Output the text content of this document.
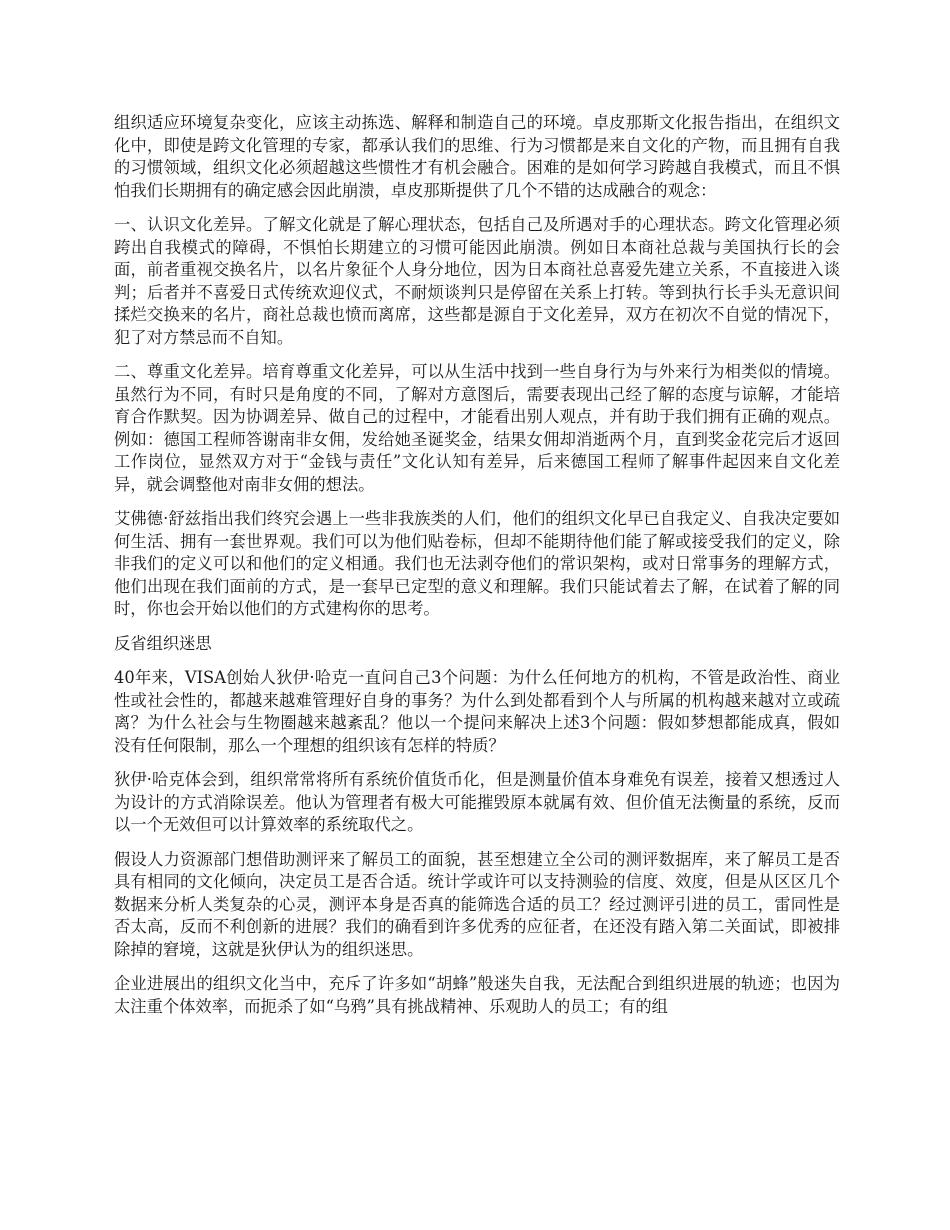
组织适应环境复杂变化，应该主动拣选、解释和制造自己的环境。卓皮那斯文化报告指出，在组织文化中，即使是跨文化管理的专家，都承认我们的思维、行为习惯都是来自文化的产物，而且拥有自我的习惯领域，组织文化必须超越这些惯性才有机会融合。困难的是如何学习跨越自我模式，而且不惧怕我们长期拥有的确定感会因此崩溃，卓皮那斯提供了几个不错的达成融合的观念：

一、认识文化差异。了解文化就是了解心理状态，包括自己及所遇对手的心理状态。跨文化管理必须跨出自我模式的障碍，不惧怕长期建立的习惯可能因此崩溃。例如日本商社总裁与美国执行长的会面，前者重视交换名片，以名片象征个人身分地位，因为日本商社总喜爱先建立关系，不直接进入谈判；后者并不喜爱日式传统欢迎仪式，不耐烦谈判只是停留在关系上打转。等到执行长手头无意识间揉烂交换来的名片，商社总裁也愤而离席，这些都是源自于文化差异，双方在初次不自觉的情况下，犯了对方禁忌而不自知。

二、尊重文化差异。培育尊重文化差异，可以从生活中找到一些自身行为与外来行为相类似的情境。虽然行为不同，有时只是角度的不同，了解对方意图后，需要表现出己经了解的态度与谅解，才能培育合作默契。因为协调差异、做自己的过程中，才能看出别人观点，并有助于我们拥有正确的观点。例如：德国工程师答谢南非女佣，发给她圣诞奖金，结果女佣却消逝两个月，直到奖金花完后才返回工作岗位，显然双方对于“金钱与责任”文化认知有差异，后来德国工程师了解事件起因来自文化差异，就会调整他对南非女佣的想法。

艾佛德·舒兹指出我们终究会遇上一些非我族类的人们，他们的组织文化早已自我定义、自我决定要如何生活、拥有一套世界观。我们可以为他们贴卷标，但却不能期待他们能了解或接受我们的定义，除非我们的定义可以和他们的定义相通。我们也无法剥夺他们的常识架构，或对日常事务的理解方式，他们出现在我们面前的方式，是一套早已定型的意义和理解。我们只能试着去了解，在试着了解的同时，你也会开始以他们的方式建构你的思考。

反省组织迷思

40年来，VISA创始人狄伊·哈克一直问自己3个问题：为什么任何地方的机构，不管是政治性、商业性或社会性的，都越来越难管理好自身的事务？为什么到处都看到个人与所属的机构越来越对立或疏离？为什么社会与生物圈越来越紊乱？他以一个提问来解决上述3个问题：假如梦想都能成真，假如没有任何限制，那么一个理想的组织该有怎样的特质？

狄伊·哈克体会到，组织常常将所有系统价值货币化，但是测量价值本身难免有误差，接着又想透过人为设计的方式消除误差。他认为管理者有极大可能摧毁原本就属有效、但价值无法衡量的系统，反而以一个无效但可以计算效率的系统取代之。

假设人力资源部门想借助测评来了解员工的面貌，甚至想建立全公司的测评数据库，来了解员工是否具有相同的文化倾向，决定员工是否合适。统计学或许可以支持测验的信度、效度，但是从区区几个数据来分析人类复杂的心灵，测评本身是否真的能筛选合适的员工？经过测评引进的员工，雷同性是否太高，反而不利创新的进展？我们的确看到许多优秀的应征者，在还没有踏入第二关面试，即被排除掉的窘境，这就是狄伊认为的组织迷思。

企业进展出的组织文化当中，充斥了许多如“胡蜂”般迷失自我，无法配合到组织进展的轨迹；也因为太注重个体效率，而扼杀了如“乌鸦”具有挑战精神、乐观助人的员工；有的组
